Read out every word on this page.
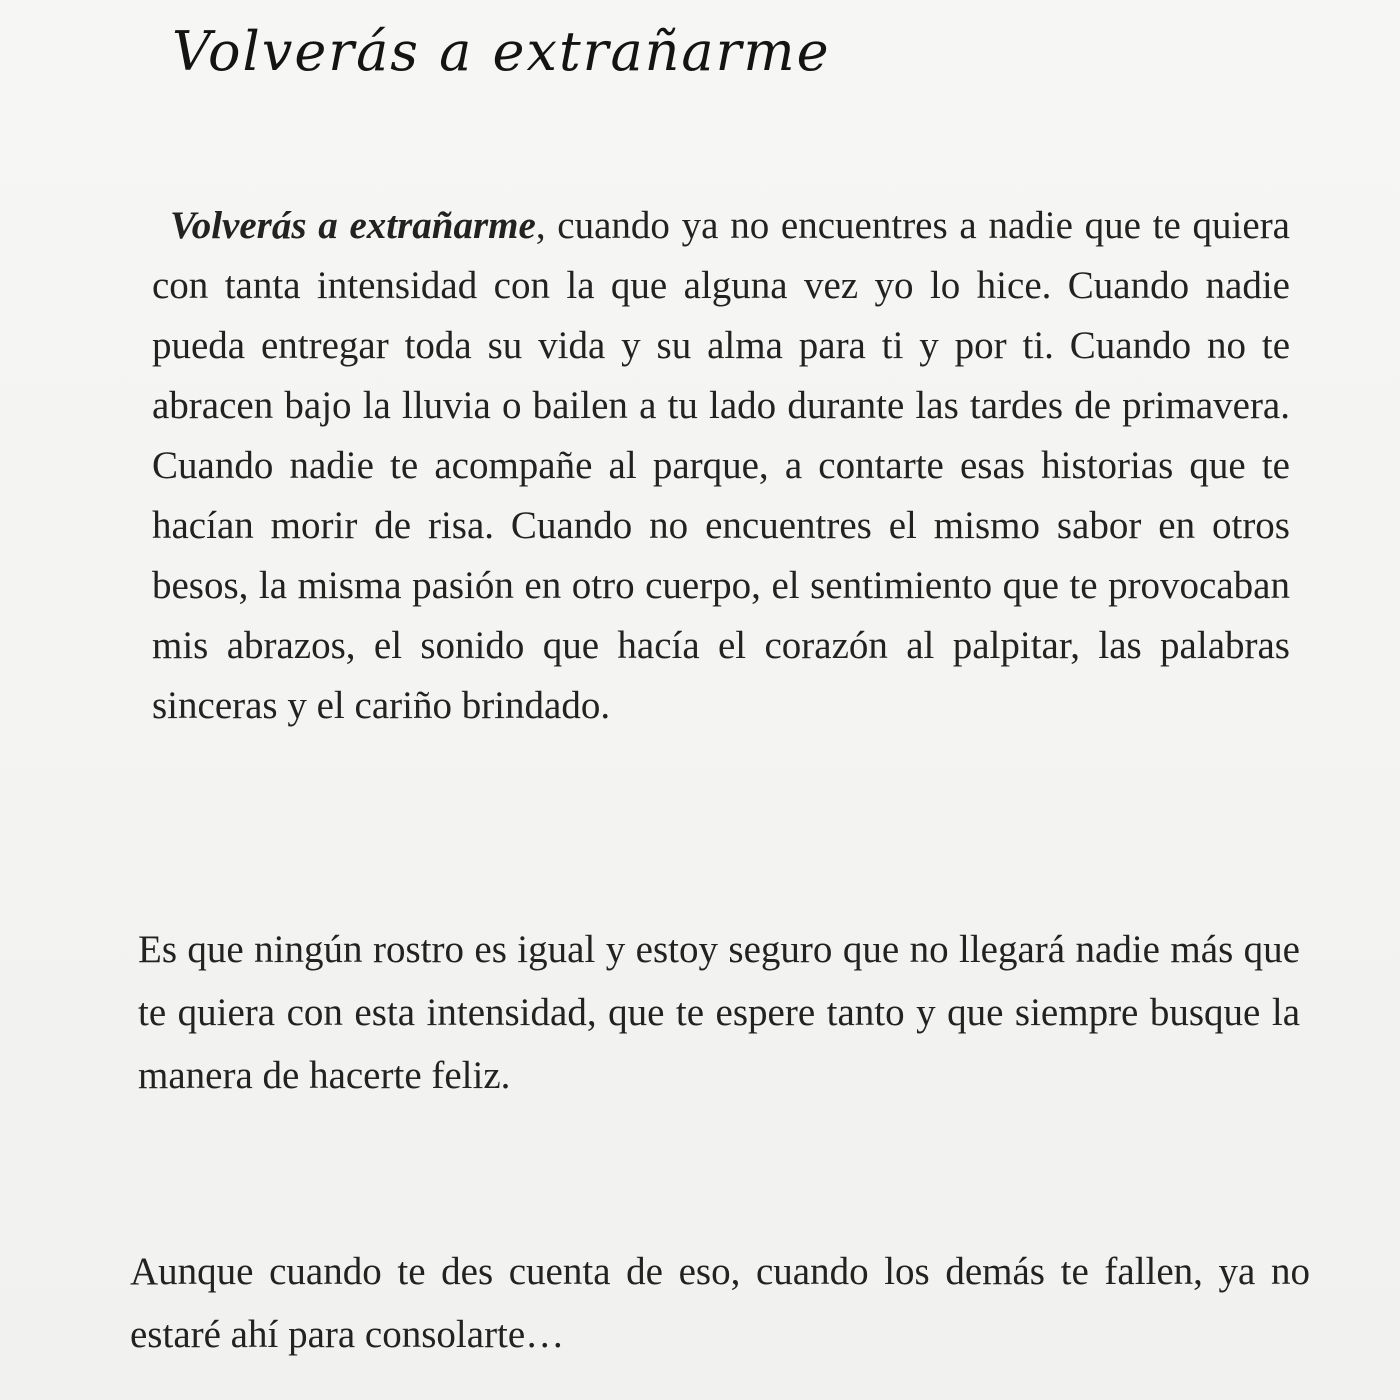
Volverás a extrañarme

Volverás a extrañarme, cuando ya no encuentres a nadie que te quiera con tanta intensidad con la que alguna vez yo lo hice. Cuando nadie pueda entregar toda su vida y su alma para ti y por ti. Cuando no te abracen bajo la lluvia o bailen a tu lado durante las tardes de primavera. Cuando nadie te acompañe al parque, a contarte esas historias que te hacían morir de risa. Cuando no encuentres el mismo sabor en otros besos, la misma pasión en otro cuerpo, el sentimiento que te provocaban mis abrazos, el sonido que hacía el corazón al palpitar, las palabras sinceras y el cariño brindado.

Es que ningún rostro es igual y estoy seguro que no llegará nadie más que te quiera con esta intensidad, que te espere tanto y que siempre busque la manera de hacerte feliz.

Aunque cuando te des cuenta de eso, cuando los demás te fallen, ya no estaré ahí para consolarte…
